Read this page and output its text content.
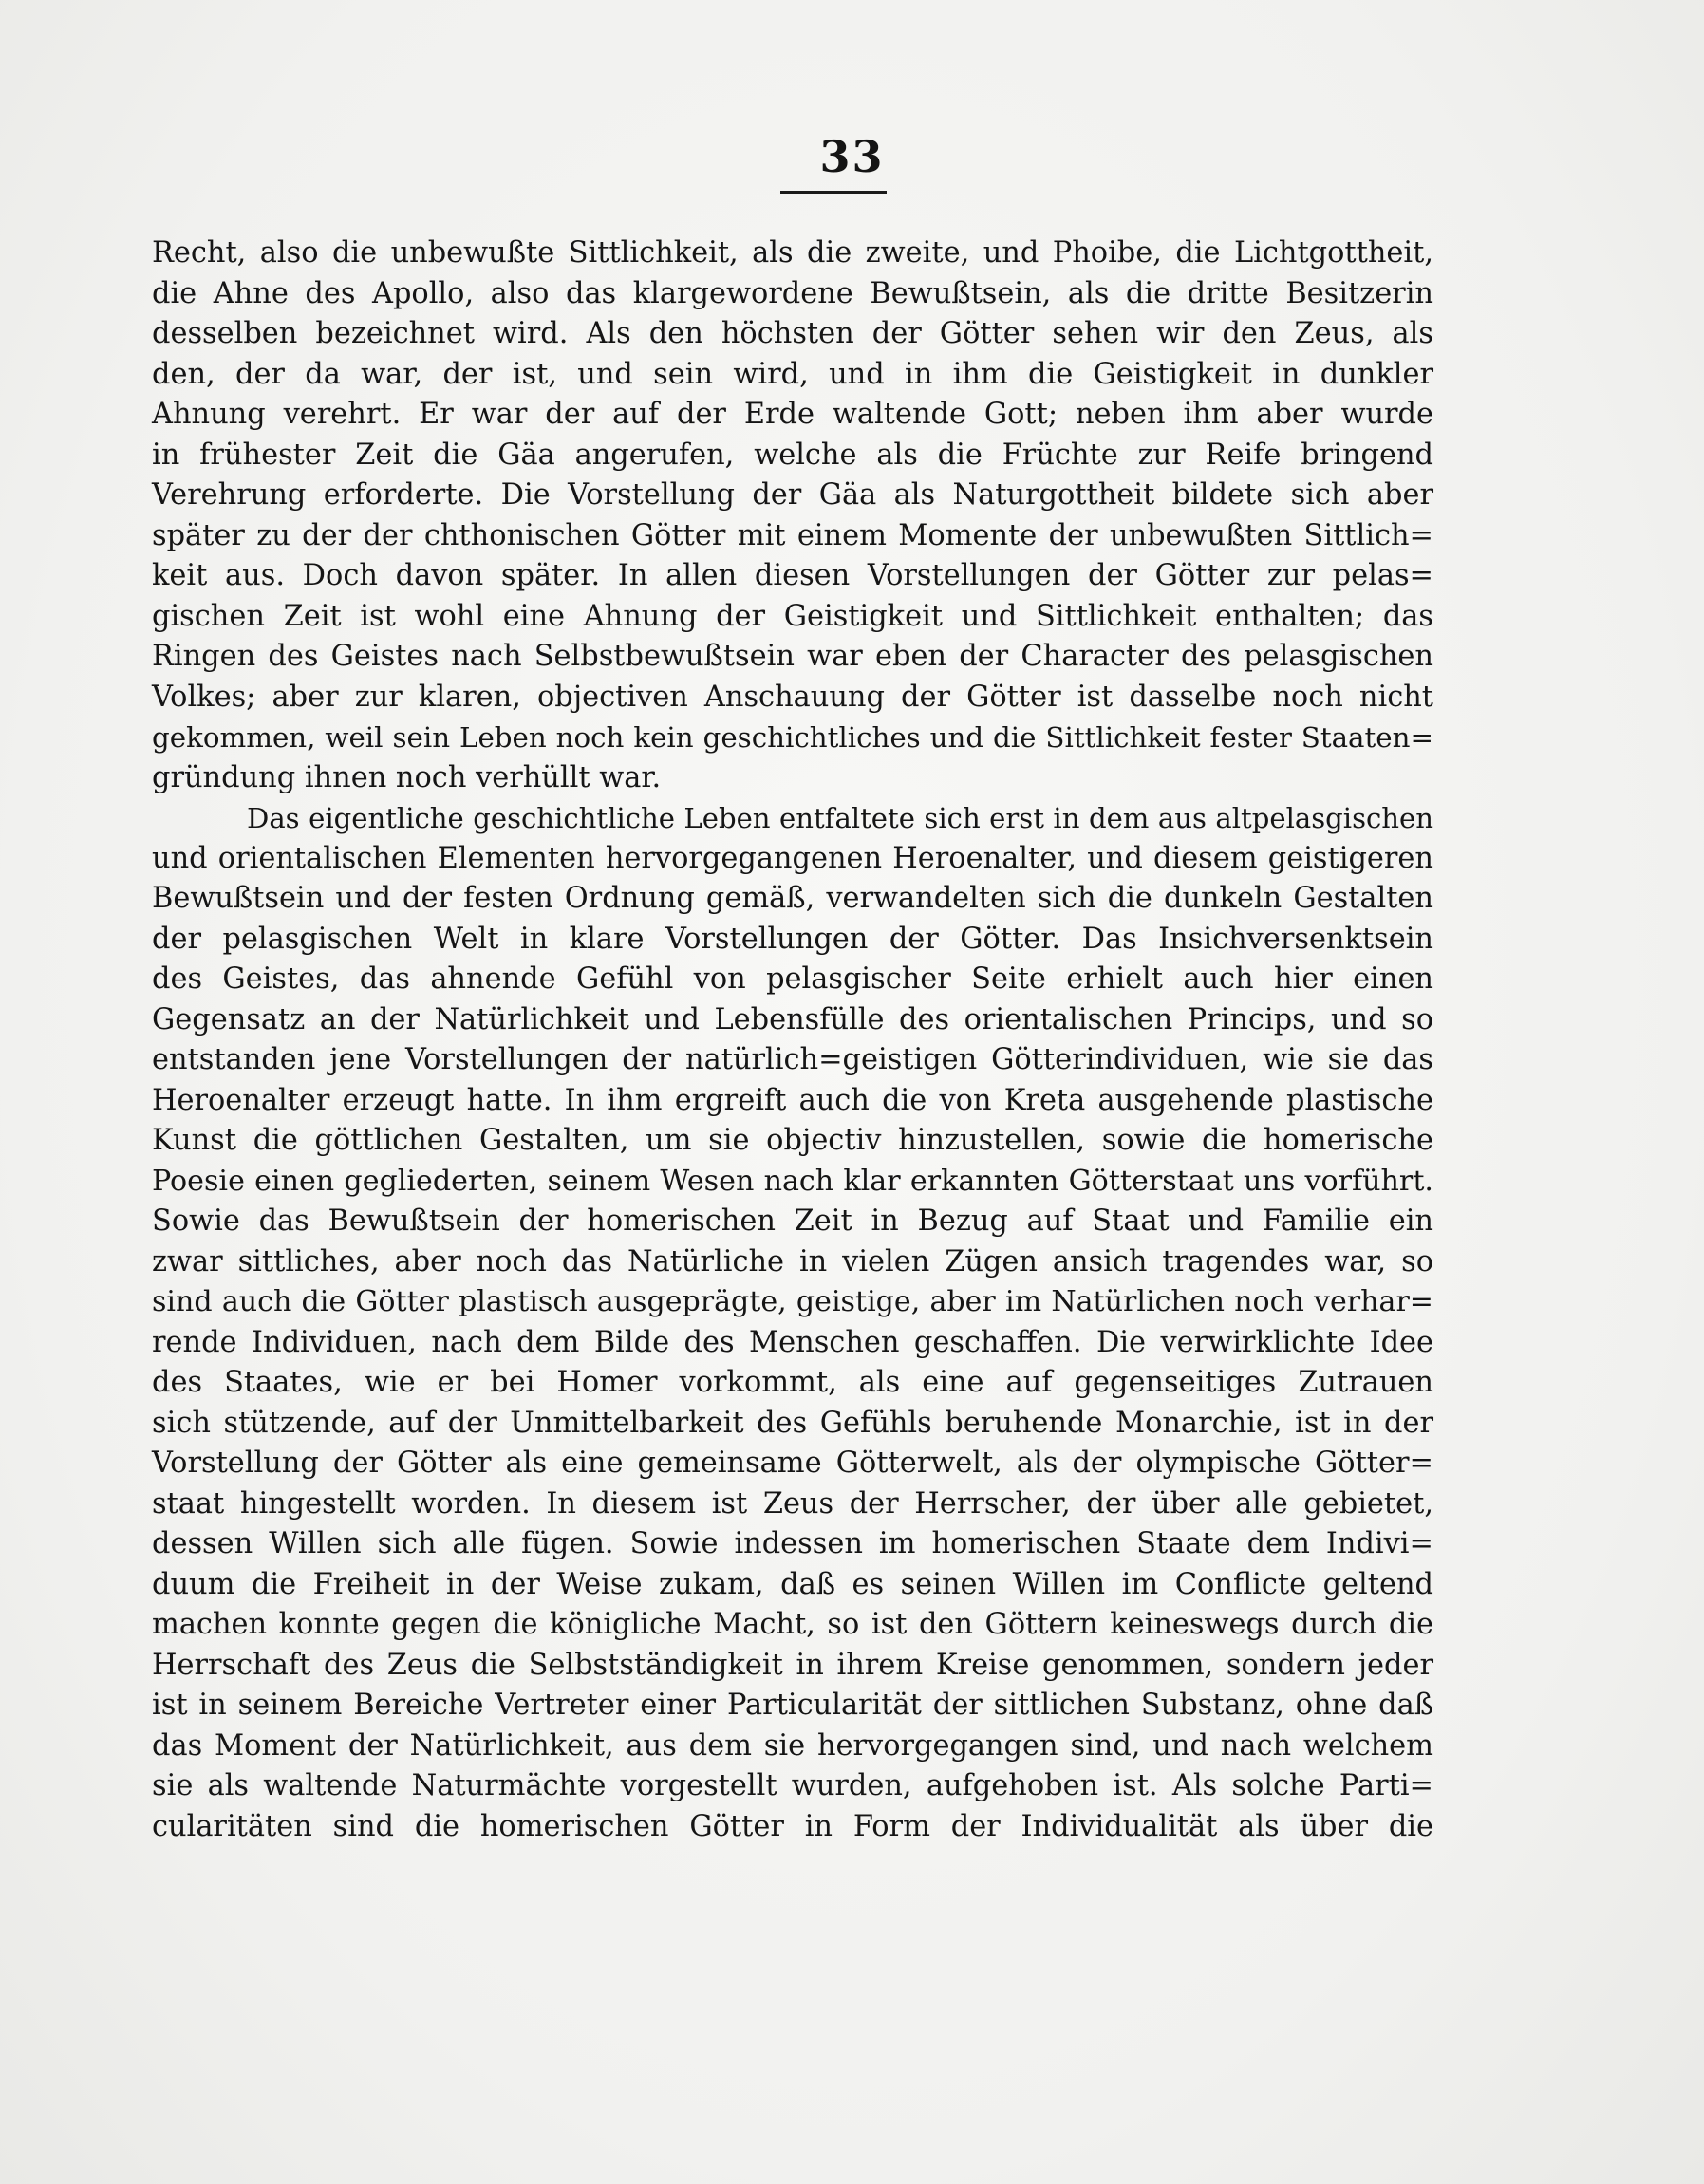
33
Recht, also die unbewußte Sittlichkeit, als die zweite, und Phoibe, die Lichtgottheit,
die Ahne des Apollo, also das klargewordene Bewußtsein, als die dritte Besitzerin
desselben bezeichnet wird. Als den höchsten der Götter sehen wir den Zeus, als
den, der da war, der ist, und sein wird, und in ihm die Geistigkeit in dunkler
Ahnung verehrt. Er war der auf der Erde waltende Gott; neben ihm aber wurde
in frühester Zeit die Gäa angerufen, welche als die Früchte zur Reife bringend
Verehrung erforderte. Die Vorstellung der Gäa als Naturgottheit bildete sich aber
später zu der der chthonischen Götter mit einem Momente der unbewußten Sittlich=
keit aus. Doch davon später. In allen diesen Vorstellungen der Götter zur pelas=
gischen Zeit ist wohl eine Ahnung der Geistigkeit und Sittlichkeit enthalten; das
Ringen des Geistes nach Selbstbewußtsein war eben der Character des pelasgischen
Volkes; aber zur klaren, objectiven Anschauung der Götter ist dasselbe noch nicht
gekommen, weil sein Leben noch kein geschichtliches und die Sittlichkeit fester Staaten=
gründung ihnen noch verhüllt war.
Das eigentliche geschichtliche Leben entfaltete sich erst in dem aus altpelasgischen
und orientalischen Elementen hervorgegangenen Heroenalter, und diesem geistigeren
Bewußtsein und der festen Ordnung gemäß, verwandelten sich die dunkeln Gestalten
der pelasgischen Welt in klare Vorstellungen der Götter. Das Insichversenktsein
des Geistes, das ahnende Gefühl von pelasgischer Seite erhielt auch hier einen
Gegensatz an der Natürlichkeit und Lebensfülle des orientalischen Princips, und so
entstanden jene Vorstellungen der natürlich=geistigen Götterindividuen, wie sie das
Heroenalter erzeugt hatte. In ihm ergreift auch die von Kreta ausgehende plastische
Kunst die göttlichen Gestalten, um sie objectiv hinzustellen, sowie die homerische
Poesie einen gegliederten, seinem Wesen nach klar erkannten Götterstaat uns vorführt.
Sowie das Bewußtsein der homerischen Zeit in Bezug auf Staat und Familie ein
zwar sittliches, aber noch das Natürliche in vielen Zügen ansich tragendes war, so
sind auch die Götter plastisch ausgeprägte, geistige, aber im Natürlichen noch verhar=
rende Individuen, nach dem Bilde des Menschen geschaffen. Die verwirklichte Idee
des Staates, wie er bei Homer vorkommt, als eine auf gegenseitiges Zutrauen
sich stützende, auf der Unmittelbarkeit des Gefühls beruhende Monarchie, ist in der
Vorstellung der Götter als eine gemeinsame Götterwelt, als der olympische Götter=
staat hingestellt worden. In diesem ist Zeus der Herrscher, der über alle gebietet,
dessen Willen sich alle fügen. Sowie indessen im homerischen Staate dem Indivi=
duum die Freiheit in der Weise zukam, daß es seinen Willen im Conflicte geltend
machen konnte gegen die königliche Macht, so ist den Göttern keineswegs durch die
Herrschaft des Zeus die Selbstständigkeit in ihrem Kreise genommen, sondern jeder
ist in seinem Bereiche Vertreter einer Particularität der sittlichen Substanz, ohne daß
das Moment der Natürlichkeit, aus dem sie hervorgegangen sind, und nach welchem
sie als waltende Naturmächte vorgestellt wurden, aufgehoben ist. Als solche Parti=
cularitäten sind die homerischen Götter in Form der Individualität als über die
